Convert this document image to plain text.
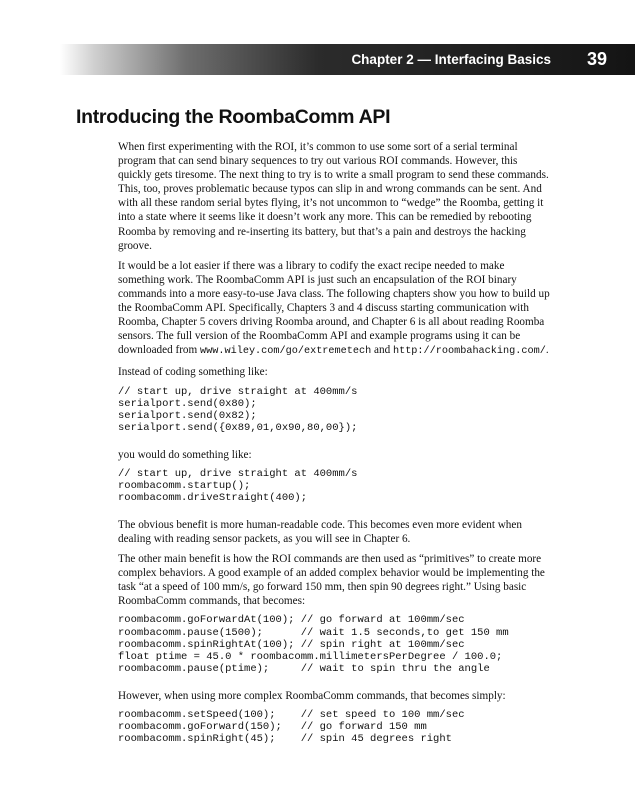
Chapter 2 — Interfacing Basics 39
Introducing the RoombaComm API

When first experimenting with the ROI, it’s common to use some sort of a serial terminal program that can send binary sequences to try out various ROI commands. However, this quickly gets tiresome. The next thing to try is to write a small program to send these commands. This, too, proves problematic because typos can slip in and wrong commands can be sent. And with all these random serial bytes flying, it’s not uncommon to “wedge” the Roomba, getting it into a state where it seems like it doesn’t work any more. This can be remedied by rebooting Roomba by removing and re-inserting its battery, but that’s a pain and destroys the hacking groove.

It would be a lot easier if there was a library to codify the exact recipe needed to make something work. The RoombaComm API is just such an encapsulation of the ROI binary commands into a more easy-to-use Java class. The following chapters show you how to build up the RoombaComm API. Specifically, Chapters 3 and 4 discuss starting communication with Roomba, Chapter 5 covers driving Roomba around, and Chapter 6 is all about reading Roomba sensors. The full version of the RoombaComm API and example programs using it can be downloaded from www.wiley.com/go/extremetech and http://roombahacking.com/.

Instead of coding something like:

// start up, drive straight at 400mm/s
serialport.send(0x80);
serialport.send(0x82);
serialport.send({0x89,01,0x90,80,00});

you would do something like:

// start up, drive straight at 400mm/s
roombacomm.startup();
roombacomm.driveStraight(400);

The obvious benefit is more human-readable code. This becomes even more evident when dealing with reading sensor packets, as you will see in Chapter 6.

The other main benefit is how the ROI commands are then used as “primitives” to create more complex behaviors. A good example of an added complex behavior would be implementing the task “at a speed of 100 mm/s, go forward 150 mm, then spin 90 degrees right.” Using basic RoombaComm commands, that becomes:

roombacomm.goForwardAt(100); // go forward at 100mm/sec
roombacomm.pause(1500);      // wait 1.5 seconds,to get 150 mm
roombacomm.spinRightAt(100); // spin right at 100mm/sec
float ptime = 45.0 * roombacomm.millimetersPerDegree / 100.0;
roombacomm.pause(ptime);     // wait to spin thru the angle

However, when using more complex RoombaComm commands, that becomes simply:

roombacomm.setSpeed(100);    // set speed to 100 mm/sec
roombacomm.goForward(150);   // go forward 150 mm
roombacomm.spinRight(45);    // spin 45 degrees right
